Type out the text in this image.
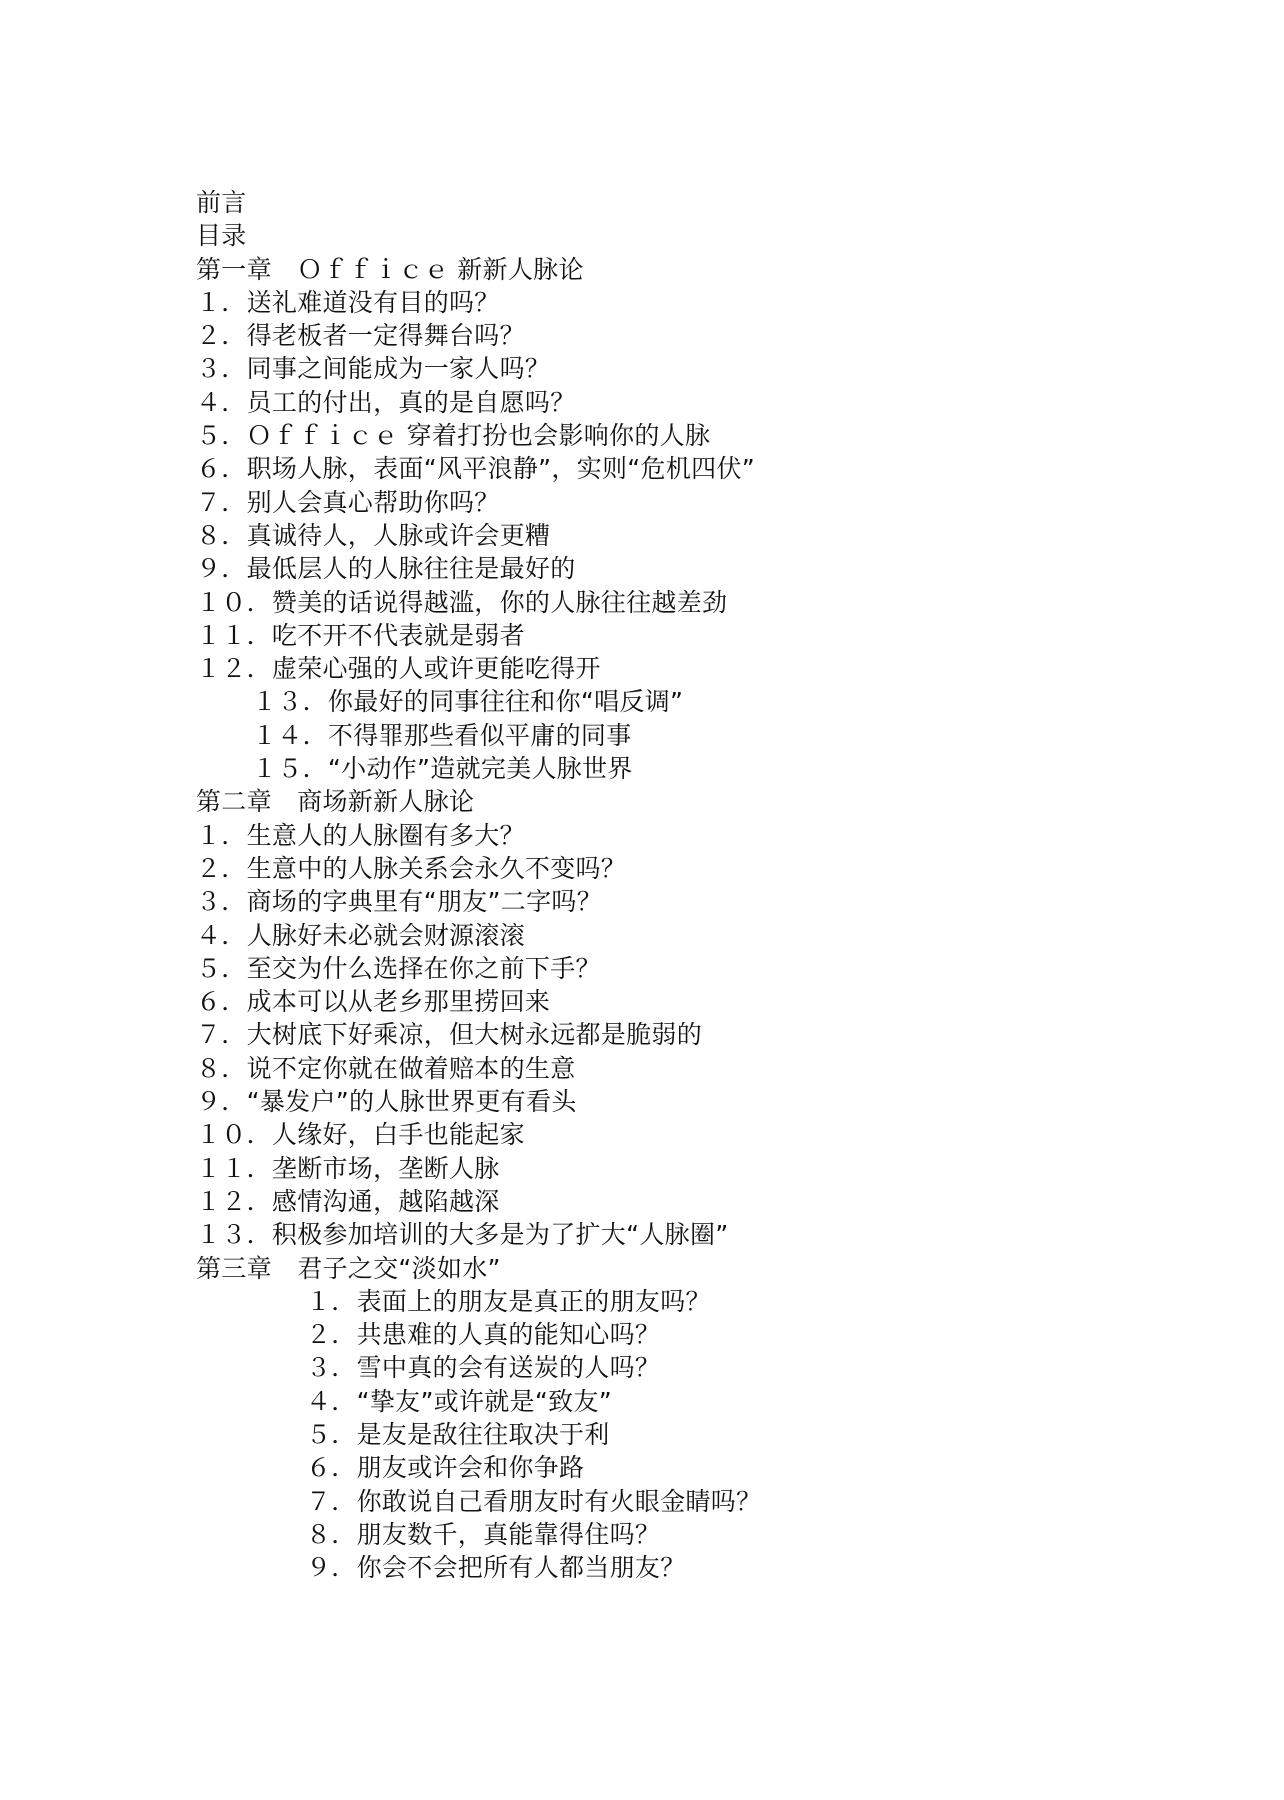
前言
目录
第一章　Ｏｆｆｉｃｅ 新新人脉论
１．送礼难道没有目的吗？
２．得老板者一定得舞台吗？
３．同事之间能成为一家人吗？
４．员工的付出，真的是自愿吗？
５．Ｏｆｆｉｃｅ 穿着打扮也会影响你的人脉
６．职场人脉，表面“风平浪静”，实则“危机四伏”
７．别人会真心帮助你吗？
８．真诚待人，人脉或许会更糟
９．最低层人的人脉往往是最好的
１０．赞美的话说得越滥，你的人脉往往越差劲
１１．吃不开不代表就是弱者
１２．虚荣心强的人或许更能吃得开
１３．你最好的同事往往和你“唱反调”
１４．不得罪那些看似平庸的同事
１５．“小动作”造就完美人脉世界
第二章　商场新新人脉论
１．生意人的人脉圈有多大？
２．生意中的人脉关系会永久不变吗？
３．商场的字典里有“朋友”二字吗？
４．人脉好未必就会财源滚滚
５．至交为什么选择在你之前下手？
６．成本可以从老乡那里捞回来
７．大树底下好乘凉，但大树永远都是脆弱的
８．说不定你就在做着赔本的生意
９．“暴发户”的人脉世界更有看头
１０．人缘好，白手也能起家
１１．垄断市场，垄断人脉
１２．感情沟通，越陷越深
１３．积极参加培训的大多是为了扩大“人脉圈”
第三章　君子之交“淡如水”
１．表面上的朋友是真正的朋友吗？
２．共患难的人真的能知心吗？
３．雪中真的会有送炭的人吗？
４．“挚友”或许就是“致友”
５．是友是敌往往取决于利
６．朋友或许会和你争路
７．你敢说自己看朋友时有火眼金睛吗？
８．朋友数千，真能靠得住吗？
９．你会不会把所有人都当朋友？
